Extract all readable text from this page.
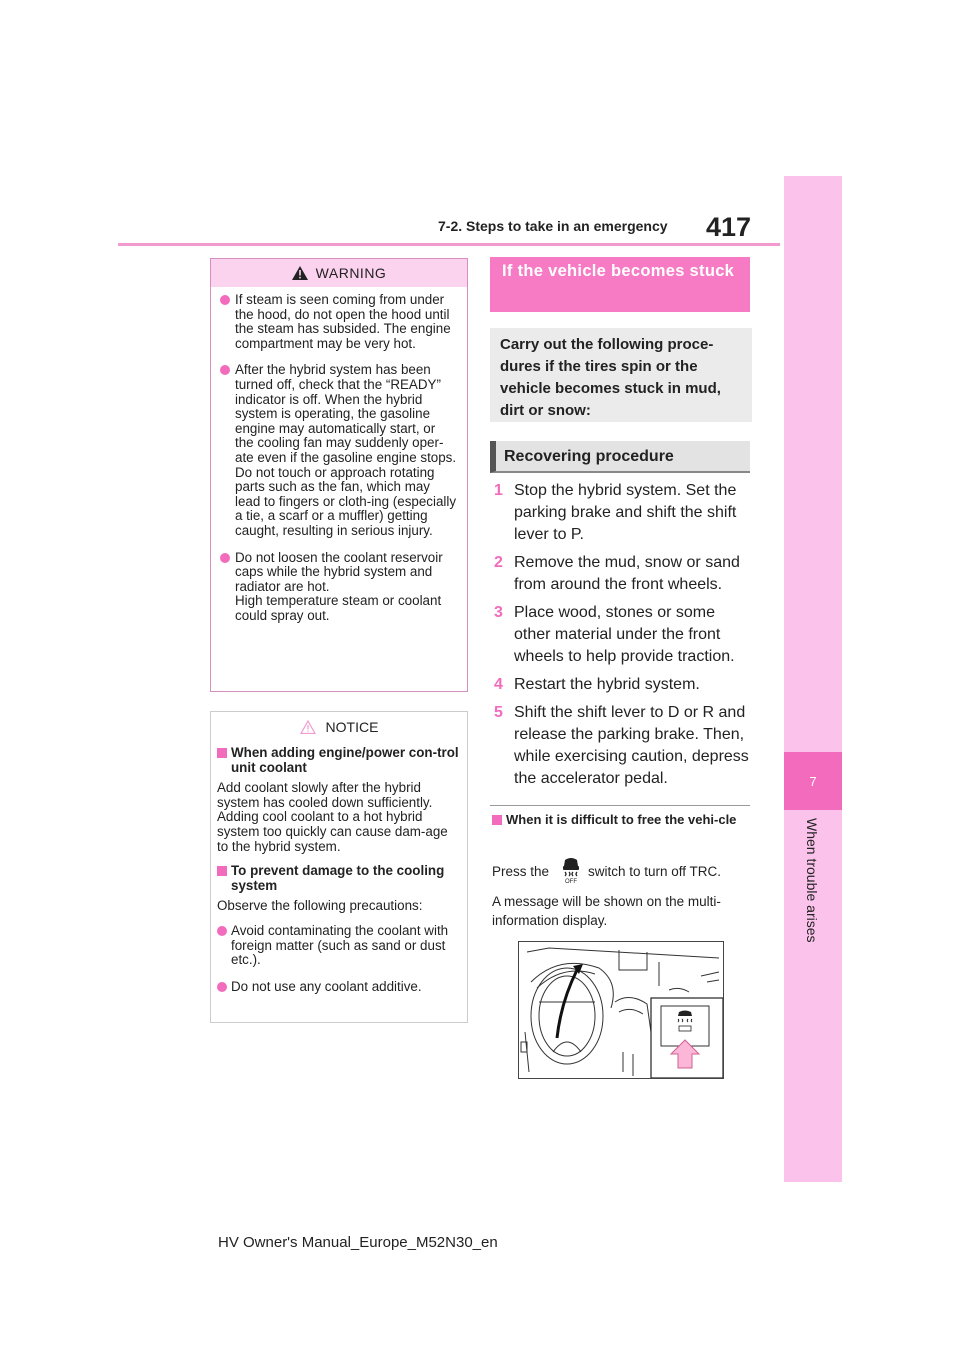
7-2. Steps to take in an emergency	417
7
When trouble arises
WARNING
If steam is seen coming from under the hood, do not open the hood until the steam has subsided. The engine compartment may be very hot.
After the hybrid system has been turned off, check that the “READY” indicator is off. When the hybrid system is operating, the gasoline engine may automatically start, or the cooling fan may suddenly oper-ate even if the gasoline engine stops. Do not touch or approach rotating parts such as the fan, which may lead to fingers or cloth-ing (especially a tie, a scarf or a muffler) getting caught, resulting in serious injury.
Do not loosen the coolant reservoir caps while the hybrid system and radiator are hot.
High temperature steam or coolant could spray out.
NOTICE
When adding engine/power con-trol unit coolant
Add coolant slowly after the hybrid system has cooled down sufficiently. Adding cool coolant to a hot hybrid system too quickly can cause dam-age to the hybrid system.
To prevent damage to the cooling system
Observe the following precautions:
Avoid contaminating the coolant with foreign matter (such as sand or dust etc.).
Do not use any coolant additive.
If the vehicle becomes stuck
Carry out the following proce-dures if the tires spin or the vehicle becomes stuck in mud, dirt or snow:
Recovering procedure
1 Stop the hybrid system. Set the parking brake and shift the shift lever to P.
2 Remove the mud, snow or sand from around the front wheels.
3 Place wood, stones or some other material under the front wheels to help provide traction.
4 Restart the hybrid system.
5 Shift the shift lever to D or R and release the parking brake. Then, while exercising caution, depress the accelerator pedal.
When it is difficult to free the vehi-cle
Press the
OFF
switch to turn off TRC.
A message will be shown on the multi-information display.
HV Owner's Manual_Europe_M52N30_en
